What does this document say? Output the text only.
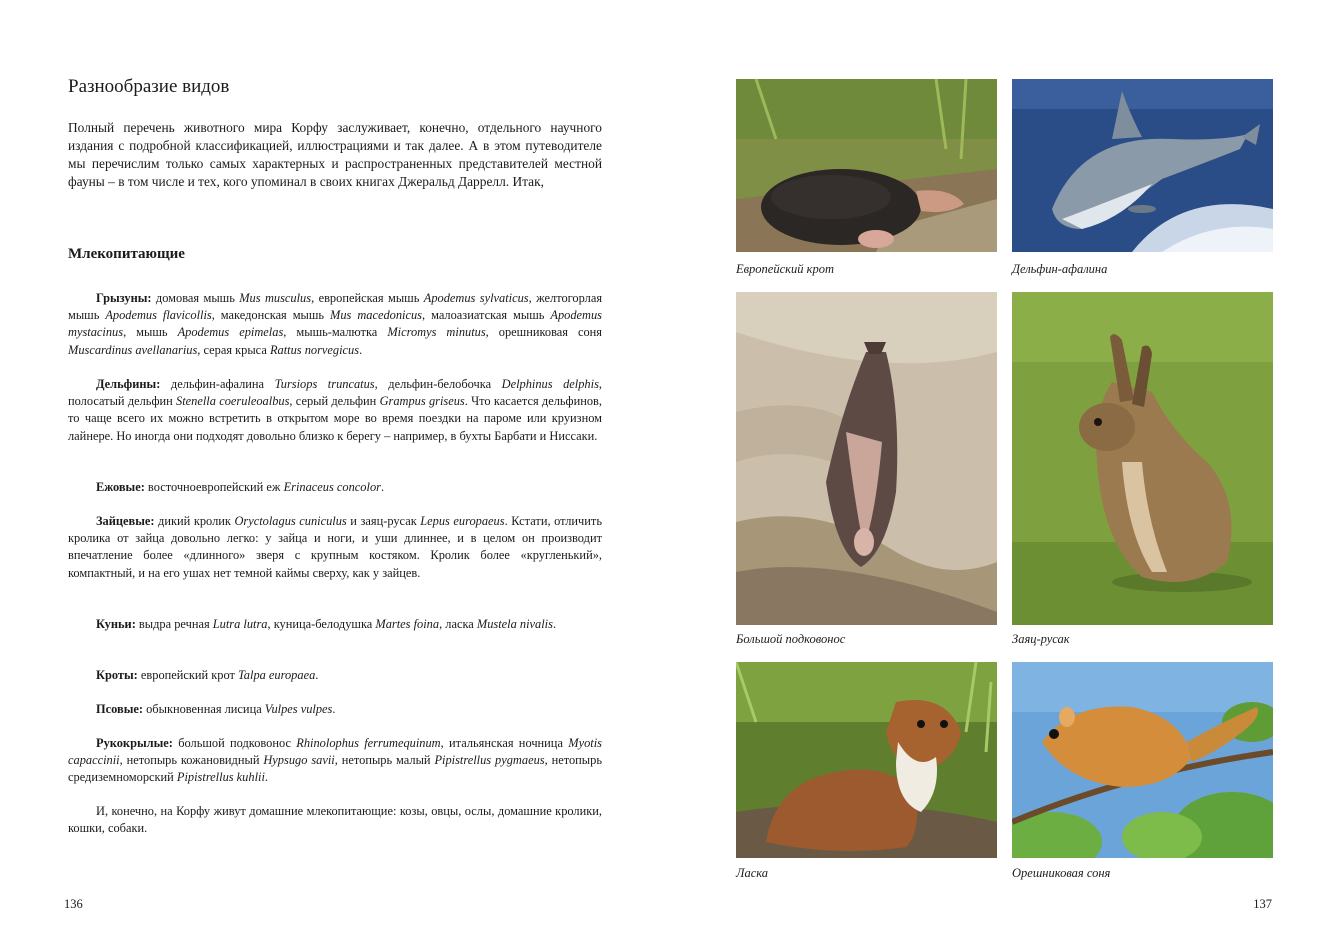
Разнообразие видов

Полный перечень животного мира Корфу заслуживает, конечно, отдельного научного издания с подробной классификацией, иллюстрациями и так далее. А в этом путеводителе мы перечислим только самых характерных и распространенных представителей местной фауны – в том числе и тех, кого упоминал в своих книгах Джеральд Даррелл. Итак,

Млекопитающие

Грызуны: домовая мышь Mus musculus, европейская мышь Apodemus sylvaticus, желтогорлая мышь Apodemus flavicollis, македонская мышь Mus macedonicus, малоазиатская мышь Apodemus mystacinus, мышь Apodemus epimelas, мышь-малютка Micromys minutus, орешниковая соня Muscardinus avellanarius, серая крыса Rattus norvegicus.

Дельфины: дельфин-афалина Tursiops truncatus, дельфин-белобочка Delphinus delphis, полосатый дельфин Stenella coeruleoalbus, серый дельфин Grampus griseus. Что касается дельфинов, то чаще всего их можно встретить в открытом море во время поездки на пароме или круизном лайнере. Но иногда они подходят довольно близко к берегу – например, в бухты Барбати и Ниссаки.

Ежовые: восточноевропейский еж Erinaceus concolor.

Зайцевые: дикий кролик Oryctolagus cuniculus и заяц-русак Lepus europaeus. Кстати, отличить кролика от зайца довольно легко: у зайца и ноги, и уши длиннее, и в целом он производит впечатление более «длинного» зверя с крупным костяком. Кролик более «кругленький», компактный, и на его ушах нет темной каймы сверху, как у зайцев.

Куньи: выдра речная Lutra lutra, куница-белодушка Martes foina, ласка Mustela nivalis.

Кроты: европейский крот Talpa europaea.

Псовые: обыкновенная лисица Vulpes vulpes.

Рукокрылые: большой подковонос Rhinolophus ferrumequinum, итальянская ночница Myotis capaccinii, нетопырь кожановидный Hypsugo savii, нетопырь малый Pipistrellus pygmaeus, нетопырь средиземноморский Pipistrellus kuhlii.

И, конечно, на Корфу живут домашние млекопитающие: козы, овцы, ослы, домашние кролики, кошки, собаки.

136
Европейский крот	Дельфин-афалина
Большой подковонос	Заяц-русак
Ласка	Орешниковая соня
137
